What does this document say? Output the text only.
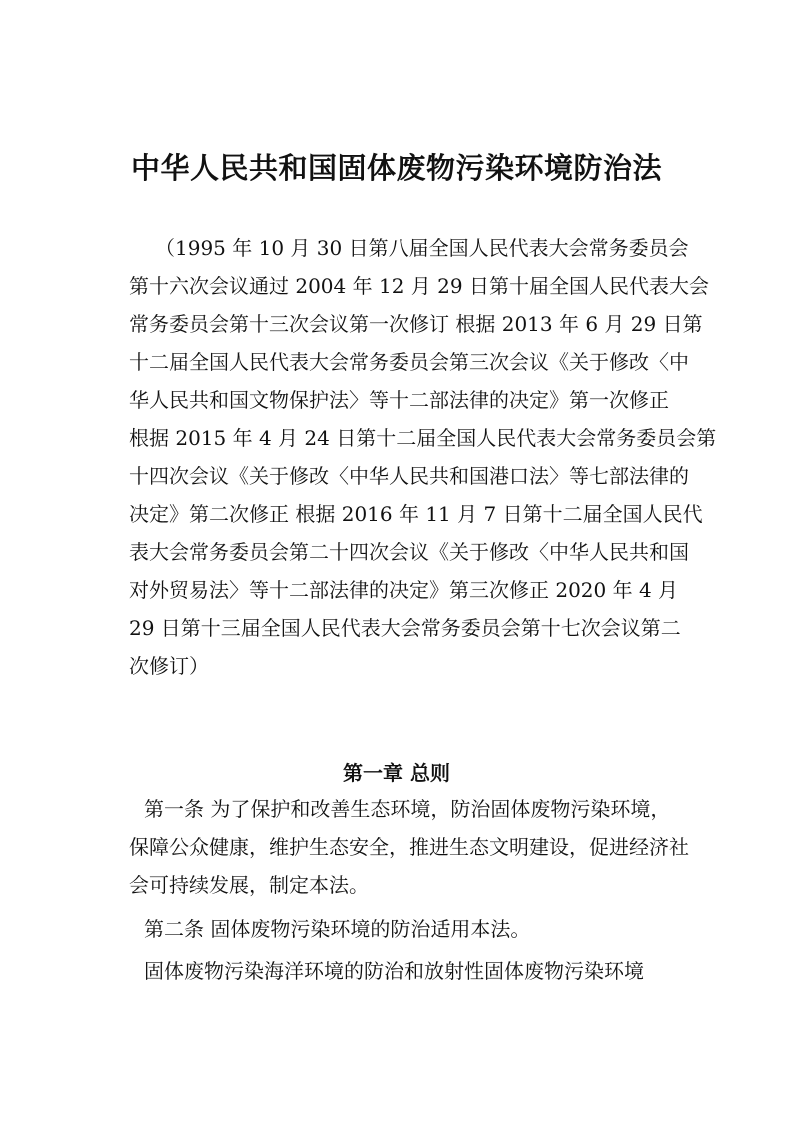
中华人民共和国固体废物污染环境防治法
（1995 年 10 月 30 日第八届全国人民代表大会常务委员会
第十六次会议通过 2004 年 12 月 29 日第十届全国人民代表大会
常务委员会第十三次会议第一次修订 根据 2013 年 6 月 29 日第
十二届全国人民代表大会常务委员会第三次会议《关于修改〈中
华人民共和国文物保护法〉等十二部法律的决定》第一次修正
根据 2015 年 4 月 24 日第十二届全国人民代表大会常务委员会第
十四次会议《关于修改〈中华人民共和国港口法〉等七部法律的
决定》第二次修正 根据 2016 年 11 月 7 日第十二届全国人民代
表大会常务委员会第二十四次会议《关于修改〈中华人民共和国
对外贸易法〉等十二部法律的决定》第三次修正 2020 年 4 月
29 日第十三届全国人民代表大会常务委员会第十七次会议第二
次修订）
第一章 总则
第一条 为了保护和改善生态环境，防治固体废物污染环境，
保障公众健康，维护生态安全，推进生态文明建设，促进经济社
会可持续发展，制定本法。
第二条 固体废物污染环境的防治适用本法。
固体废物污染海洋环境的防治和放射性固体废物污染环境
